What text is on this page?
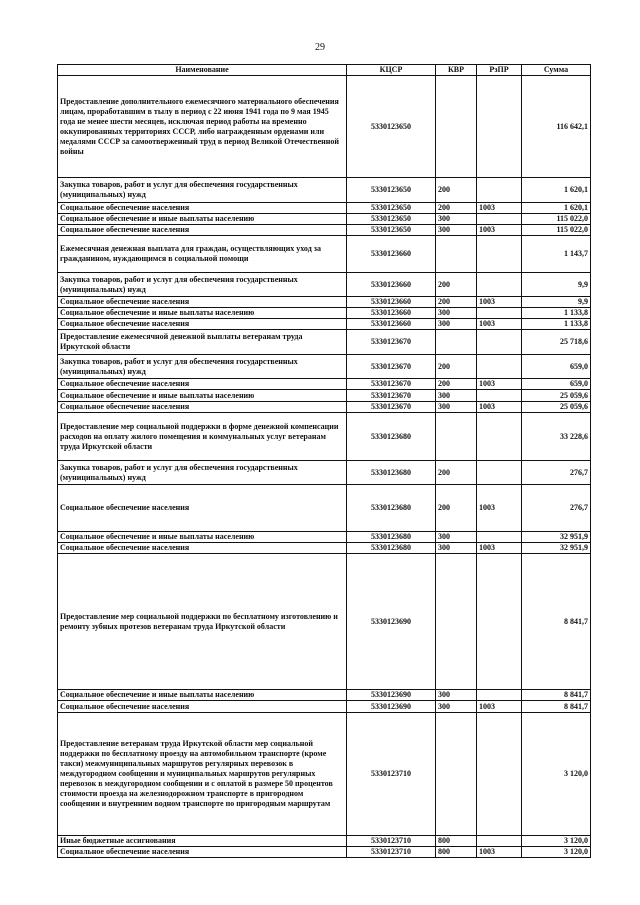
29
Наименование	КЦСР	КВР	РзПР	Сумма
Предоставление дополнительного ежемесячного материального обеспечения лицам, проработавшим в тылу в период с 22 июня 1941 года по 9 мая 1945 года не менее шести месяцев, исключая период работы на временно оккупированных территориях СССР, либо награжденным орденами или медалями СССР за самоотверженный труд в период Великой Отечественной войны	5330123650			116 642,1
Закупка товаров, работ и услуг для обеспечения государственных (муниципальных) нужд	5330123650	200		1 620,1
Социальное обеспечение населения	5330123650	200	1003	1 620,1
Социальное обеспечение и иные выплаты населению	5330123650	300		115 022,0
Социальное обеспечение населения	5330123650	300	1003	115 022,0
Ежемесячная денежная выплата для граждан, осуществляющих уход за гражданином, нуждающимся в социальной помощи	5330123660			1 143,7
Закупка товаров, работ и услуг для обеспечения государственных (муниципальных) нужд	5330123660	200		9,9
Социальное обеспечение населения	5330123660	200	1003	9,9
Социальное обеспечение и иные выплаты населению	5330123660	300		1 133,8
Социальное обеспечение населения	5330123660	300	1003	1 133,8
Предоставление ежемесячной денежной выплаты ветеранам труда Иркутской области	5330123670			25 718,6
Закупка товаров, работ и услуг для обеспечения государственных (муниципальных) нужд	5330123670	200		659,0
Социальное обеспечение населения	5330123670	200	1003	659,0
Социальное обеспечение и иные выплаты населению	5330123670	300		25 059,6
Социальное обеспечение населения	5330123670	300	1003	25 059,6
Предоставление мер социальной поддержки в форме денежной компенсации расходов на оплату жилого помещения и коммунальных услуг ветеранам труда Иркутской области	5330123680			33 228,6
Закупка товаров, работ и услуг для обеспечения государственных (муниципальных) нужд	5330123680	200		276,7
Социальное обеспечение населения	5330123680	200	1003	276,7
Социальное обеспечение и иные выплаты населению	5330123680	300		32 951,9
Социальное обеспечение населения	5330123680	300	1003	32 951,9
Предоставление мер социальной поддержки по бесплатному изготовлению и ремонту зубных протезов ветеранам труда Иркутской области	5330123690			8 841,7
Социальное обеспечение и иные выплаты населению	5330123690	300		8 841,7
Социальное обеспечение населения	5330123690	300	1003	8 841,7
Предоставление ветеранам труда Иркутской области мер социальной поддержки по бесплатному проезду на автомобильном транспорте (кроме такси) межмуниципальных маршрутов регулярных перевозок в междугородном сообщении и муниципальных маршрутов регулярных перевозок в междугородном сообщении и с оплатой в размере 50 процентов стоимости проезда на железнодорожном транспорте в пригородном сообщении и внутренним водном транспорте по пригородным маршрутам	5330123710			3 120,0
Иные бюджетные ассигнования	5330123710	800		3 120,0
Социальное обеспечение населения	5330123710	800	1003	3 120,0
